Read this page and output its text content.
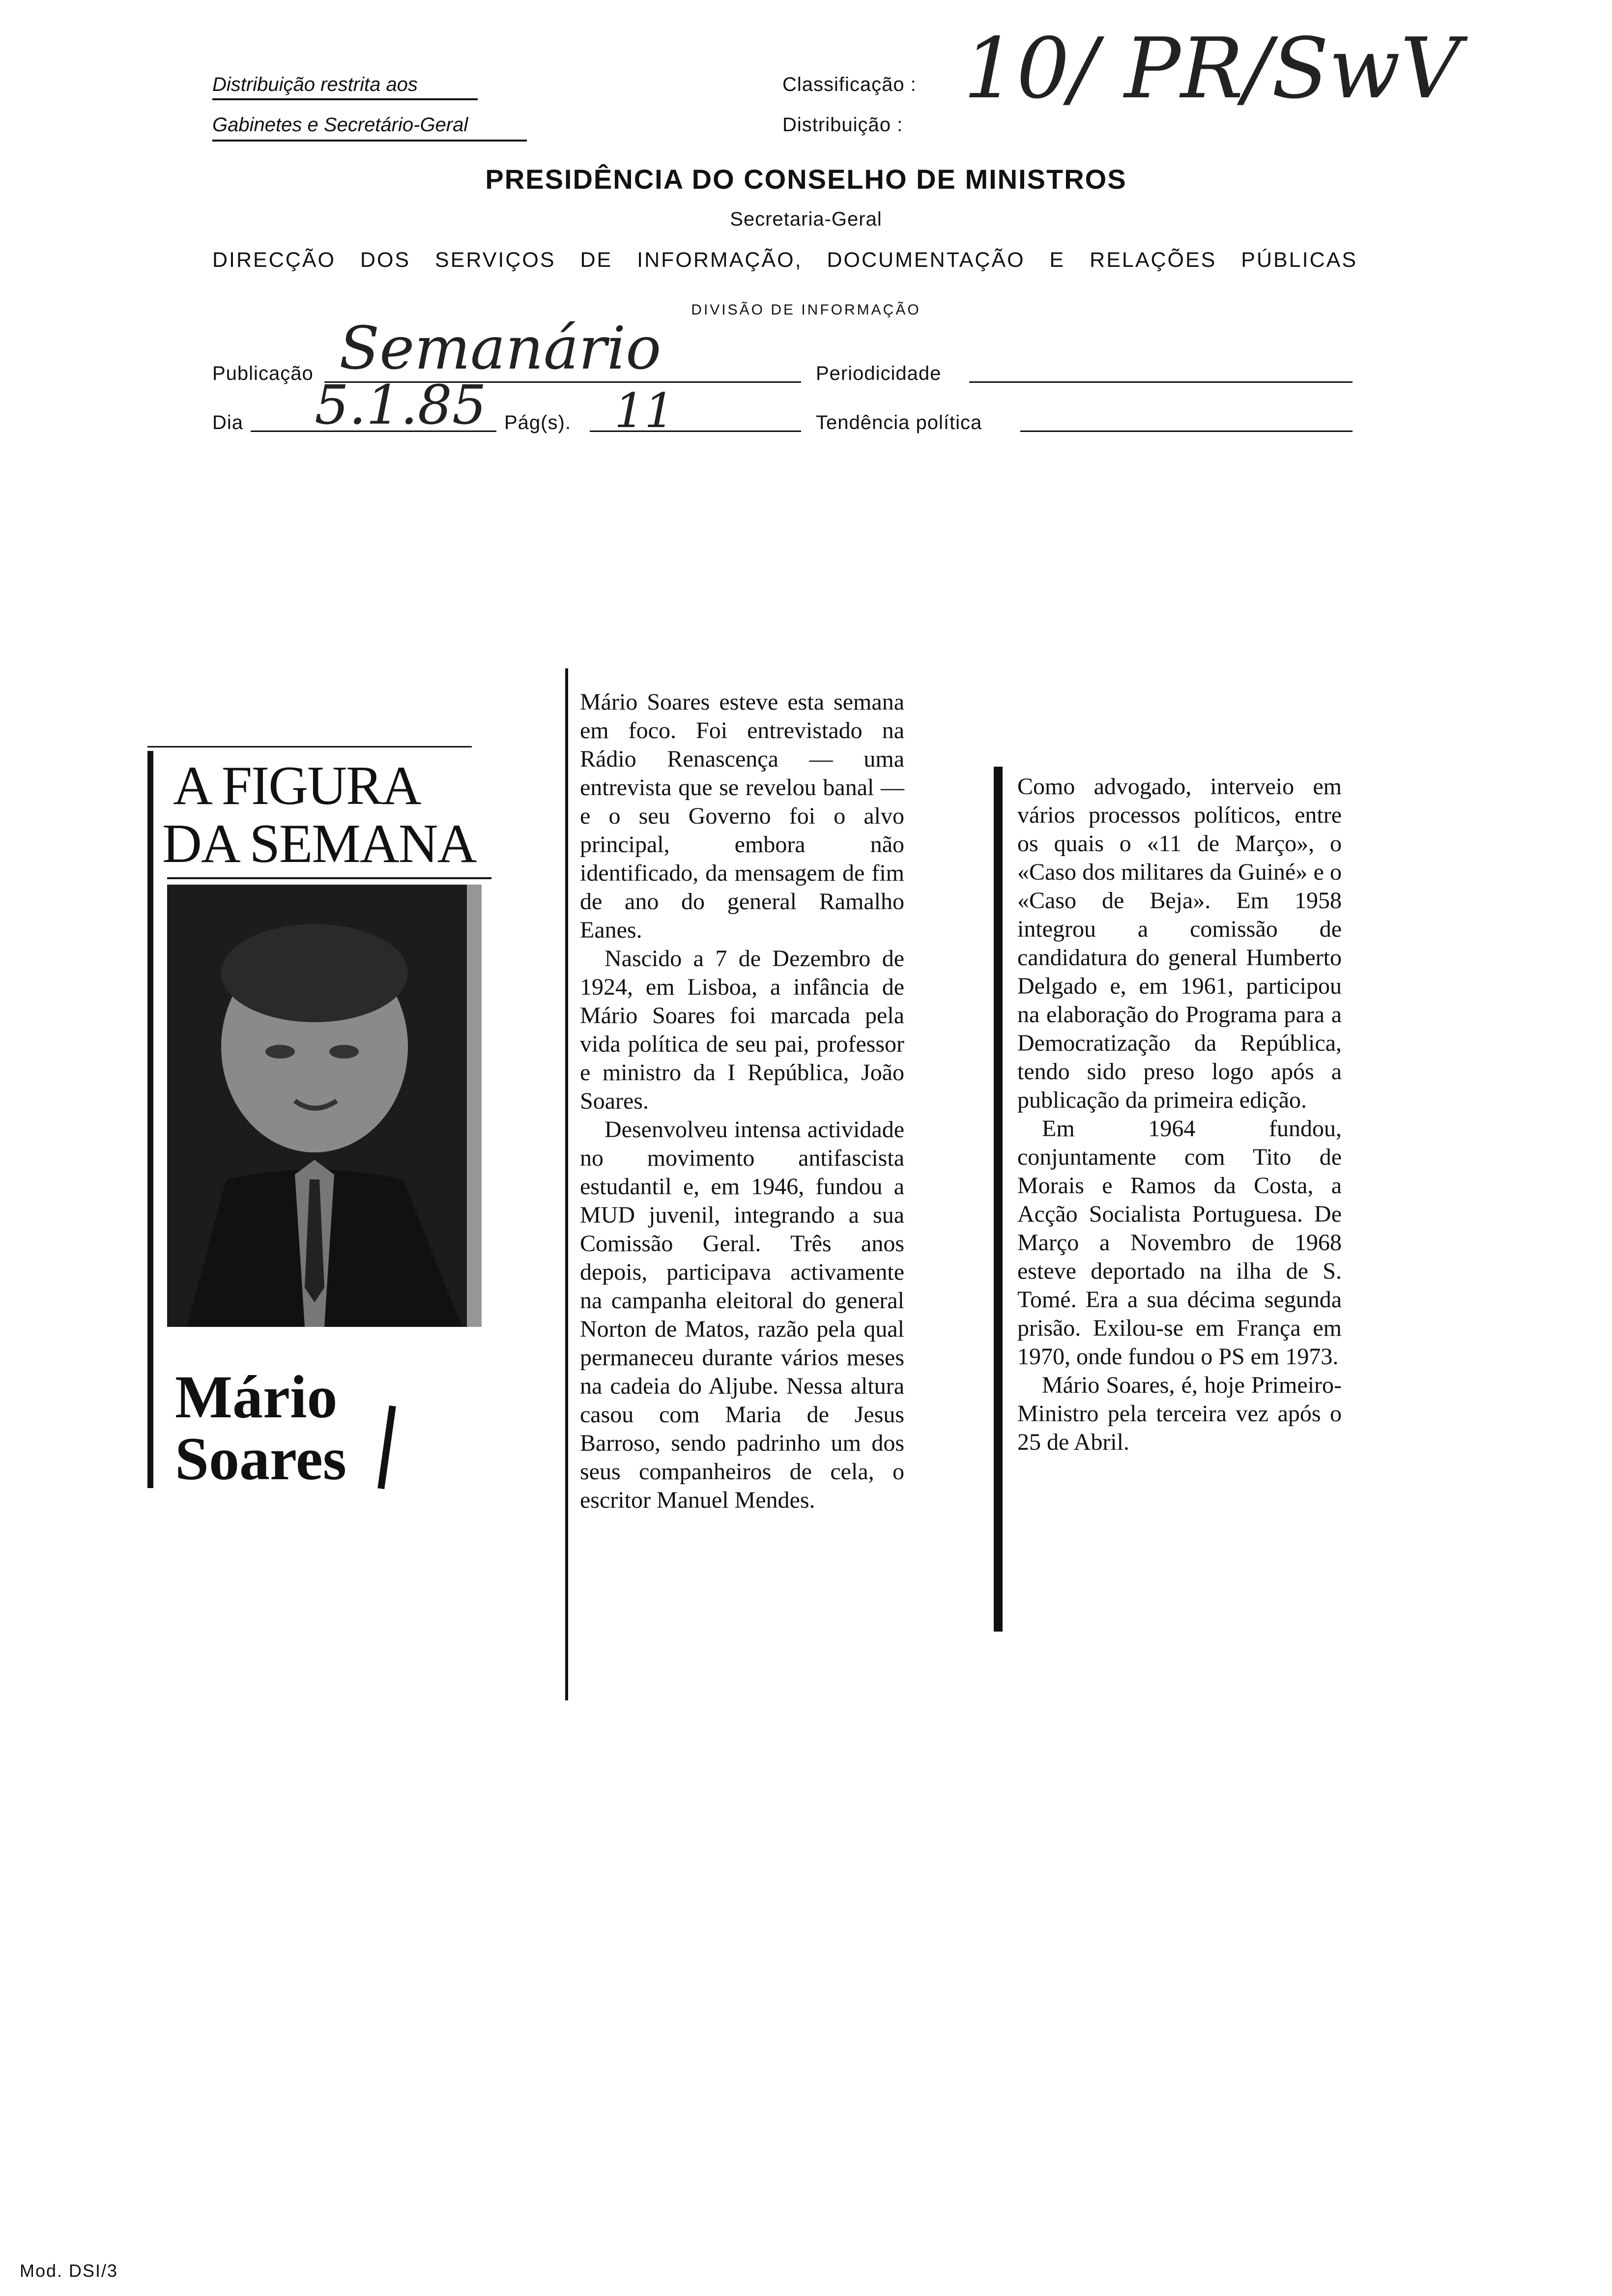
Distribuição restrita aos
Gabinetes e Secretário-Geral
Classificação :
Distribuição :
10/ PR/SwV
PRESIDÊNCIA DO CONSELHO DE MINISTROS
Secretaria-Geral
DIRECÇÃO DOS SERVIÇOS DE INFORMAÇÃO, DOCUMENTAÇÃO E RELAÇÕES PÚBLICAS
DIVISÃO DE INFORMAÇÃO
Publicação Semanário	Periodicidade
Dia 5.1.85 Pág(s). 11	Tendência política
A FIGURA
DA SEMANA
Mário
Soares

Mário Soares esteve esta semana em foco. Foi entrevistado na Rádio Renascença — uma entrevista que se revelou banal — e o seu Governo foi o alvo principal, embora não identificado, da mensagem de fim de ano do general Ramalho Eanes.

Nascido a 7 de Dezembro de 1924, em Lisboa, a infância de Mário Soares foi marcada pela vida política de seu pai, professor e ministro da I República, João Soares.

Desenvolveu intensa actividade no movimento antifascista estudantil e, em 1946, fundou a MUD juvenil, integrando a sua Comissão Geral. Três anos depois, participava activamente na campanha eleitoral do general Norton de Matos, razão pela qual permaneceu durante vários meses na cadeia do Aljube. Nessa altura casou com Maria de Jesus Barroso, sendo padrinho um dos seus companheiros de cela, o escritor Manuel Mendes.

Como advogado, interveio em vários processos políticos, entre os quais o «11 de Março», o «Caso dos militares da Guiné» e o «Caso de Beja». Em 1958 integrou a comissão de candidatura do general Humberto Delgado e, em 1961, participou na elaboração do Programa para a Democratização da República, tendo sido preso logo após a publicação da primeira edição.

Em 1964 fundou, conjuntamente com Tito de Morais e Ramos da Costa, a Acção Socialista Portuguesa. De Março a Novembro de 1968 esteve deportado na ilha de S. Tomé. Era a sua décima segunda prisão. Exilou-se em França em 1970, onde fundou o PS em 1973.

Mário Soares, é, hoje Primeiro-Ministro pela terceira vez após o 25 de Abril.

Mod. DSI/3
